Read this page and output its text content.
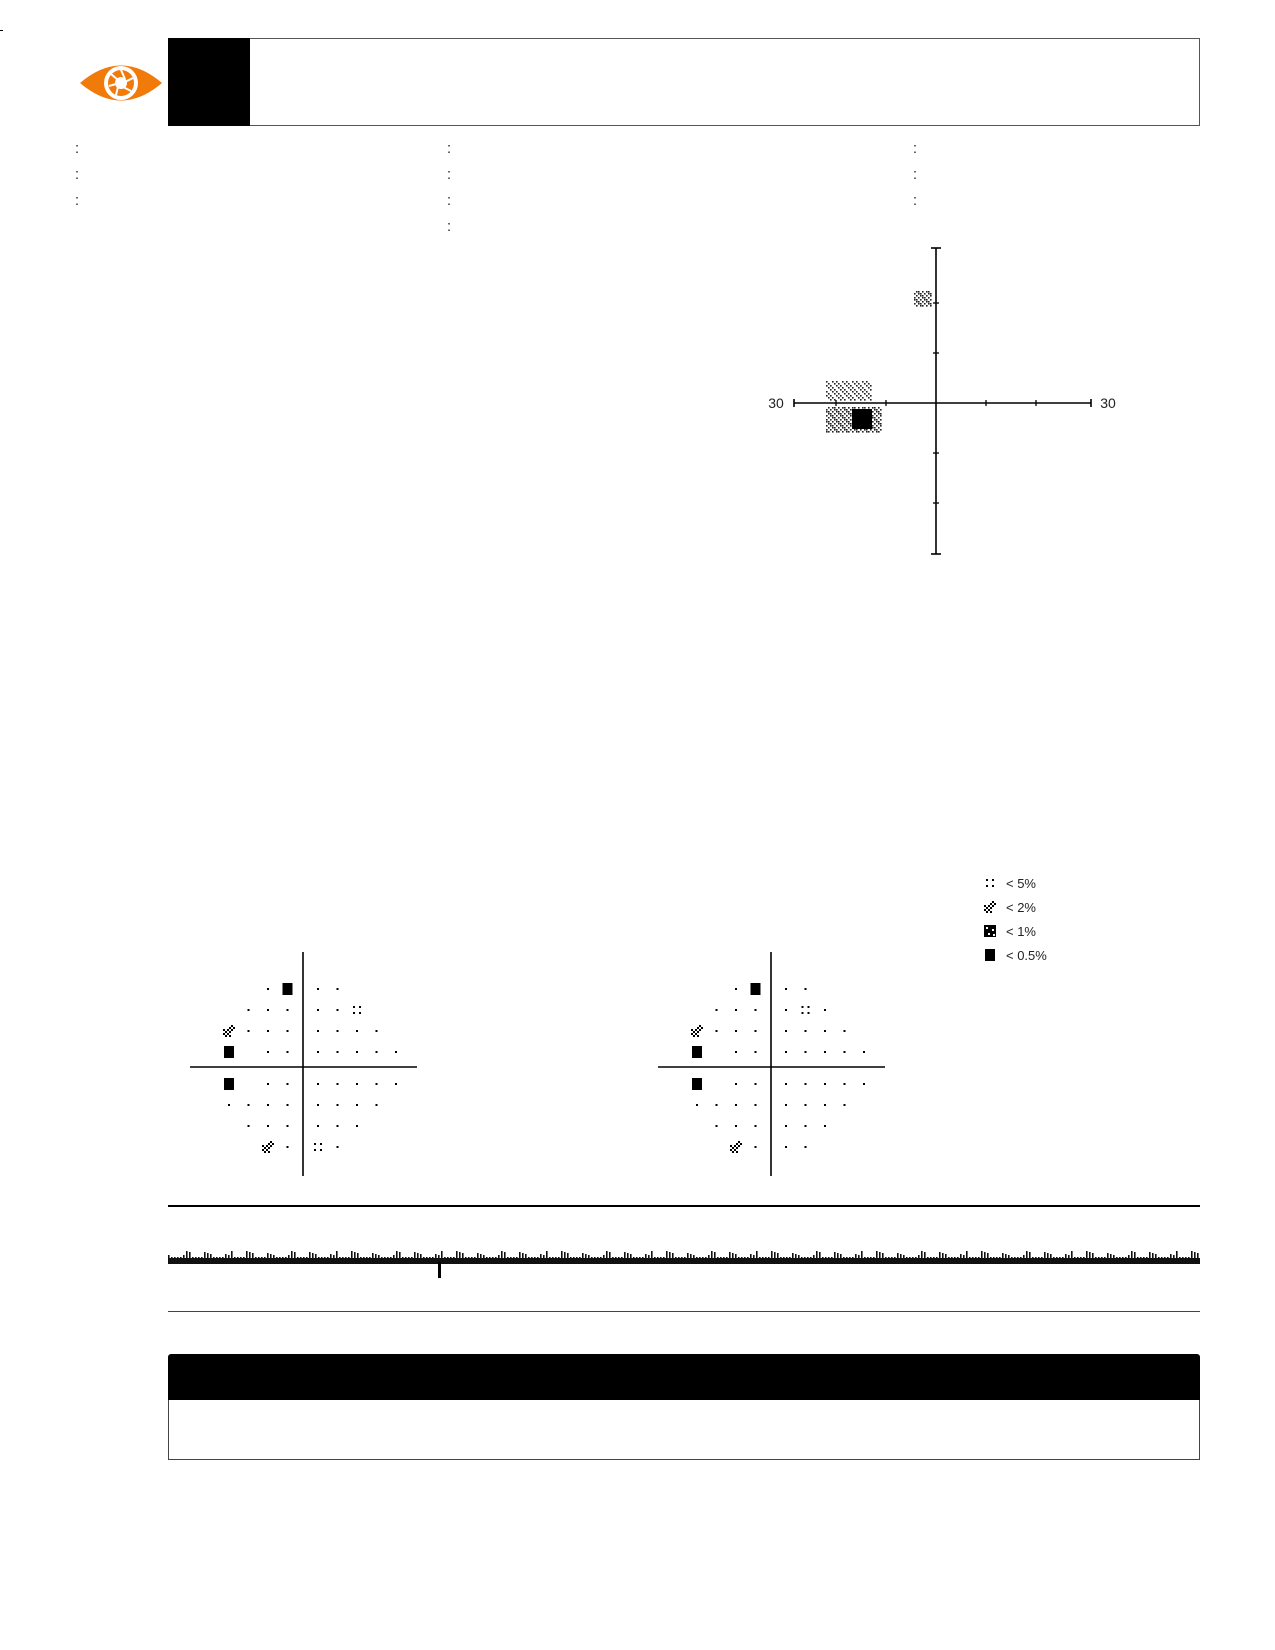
:
:
:
:
:
:
:
:
:
:
30	30
< 5%
< 2%
< 1%
< 0.5%
